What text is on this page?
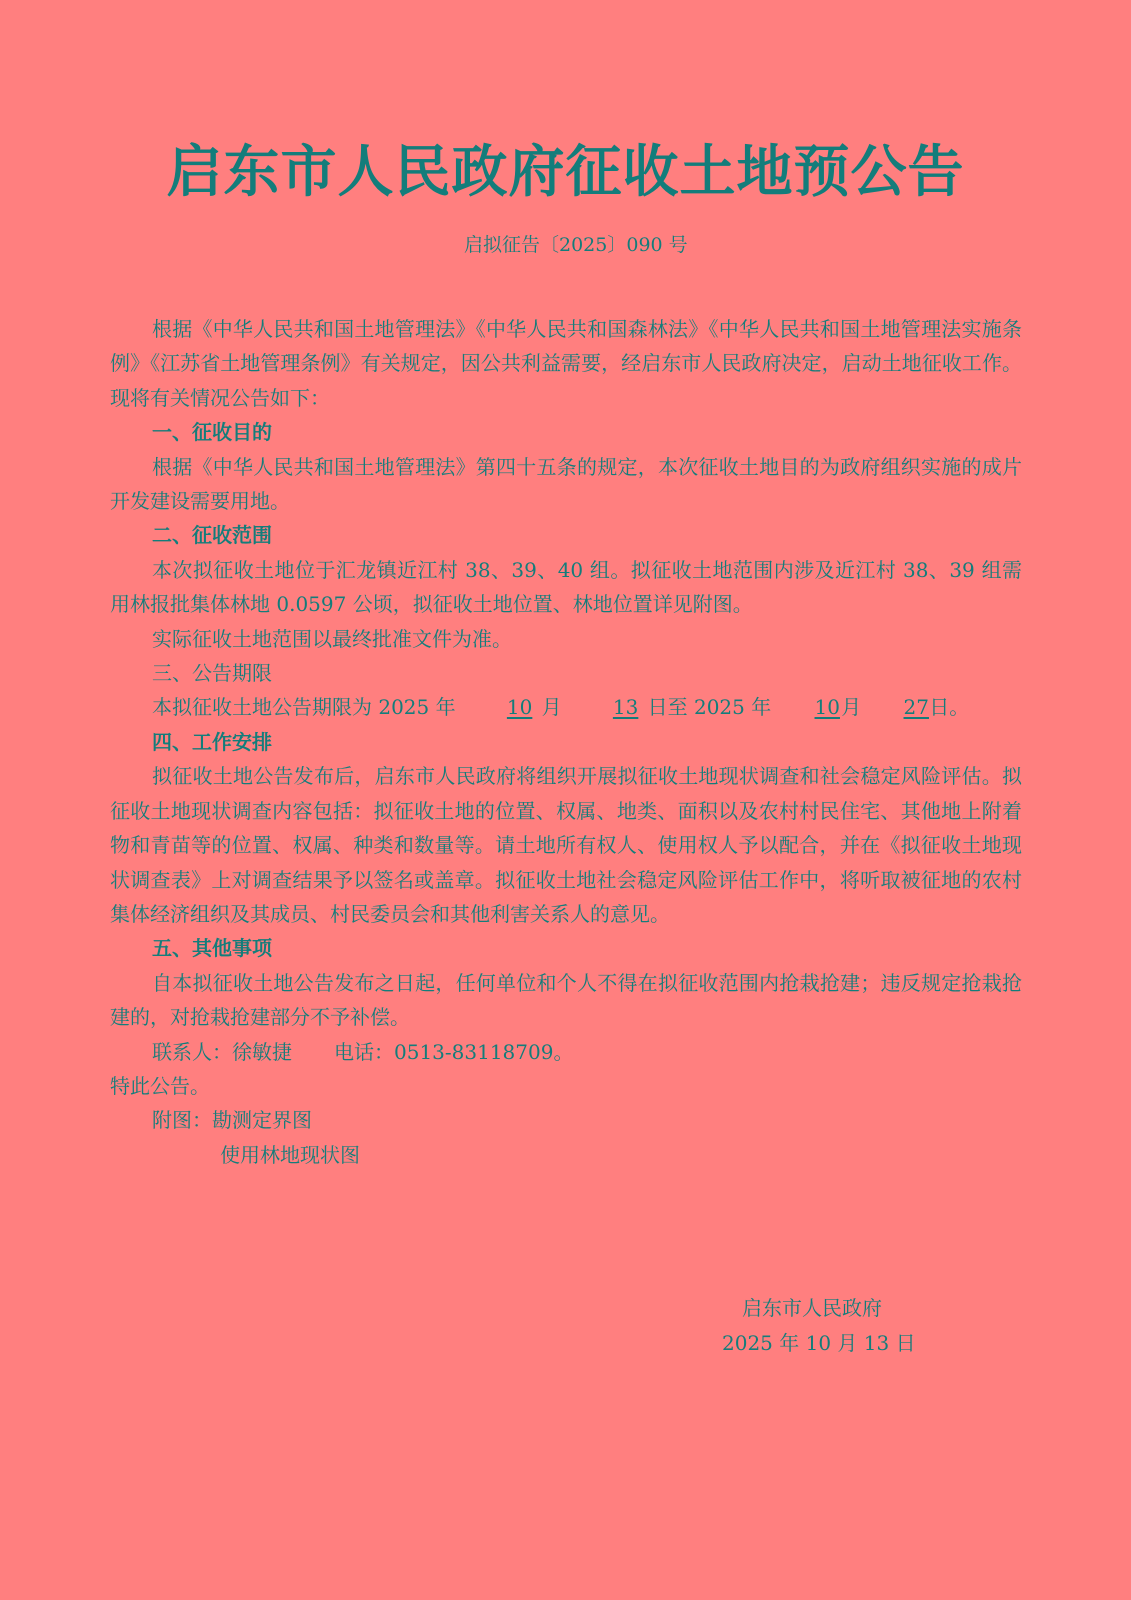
启东市人民政府征收土地预公告
启拟征告〔2025〕090 号

根据《中华人民共和国土地管理法》《中华人民共和国森林法》《中华人民共和国土地管理法实施条例》《江苏省土地管理条例》有关规定，因公共利益需要，经启东市人民政府决定，启动土地征收工作。现将有关情况公告如下：

一、征收目的

根据《中华人民共和国土地管理法》第四十五条的规定，本次征收土地目的为政府组织实施的成片开发建设需要用地。

二、征收范围

本次拟征收土地位于汇龙镇近江村 38、39、40 组。拟征收土地范围内涉及近江村 38、39 组需用林报批集体林地 0.0597 公顷，拟征收土地位置、林地位置详见附图。

实际征收土地范围以最终批准文件为准。

三、公告期限

本拟征收土地公告期限为 2025 年	10 月	13 日至 2025 年 10月 27日。

四、工作安排

拟征收土地公告发布后，启东市人民政府将组织开展拟征收土地现状调查和社会稳定风险评估。拟征收土地现状调查内容包括：拟征收土地的位置、权属、地类、面积以及农村村民住宅、其他地上附着物和青苗等的位置、权属、种类和数量等。请土地所有权人、使用权人予以配合，并在《拟征收土地现状调查表》上对调查结果予以签名或盖章。拟征收土地社会稳定风险评估工作中，将听取被征地的农村集体经济组织及其成员、村民委员会和其他利害关系人的意见。

五、其他事项

自本拟征收土地公告发布之日起，任何单位和个人不得在拟征收范围内抢栽抢建；违反规定抢栽抢建的，对抢栽抢建部分不予补偿。

联系人：徐敏捷 电话：0513-83118709。

特此公告。

附图：勘测定界图

使用林地现状图

启东市人民政府
2025 年 10 月 13 日
